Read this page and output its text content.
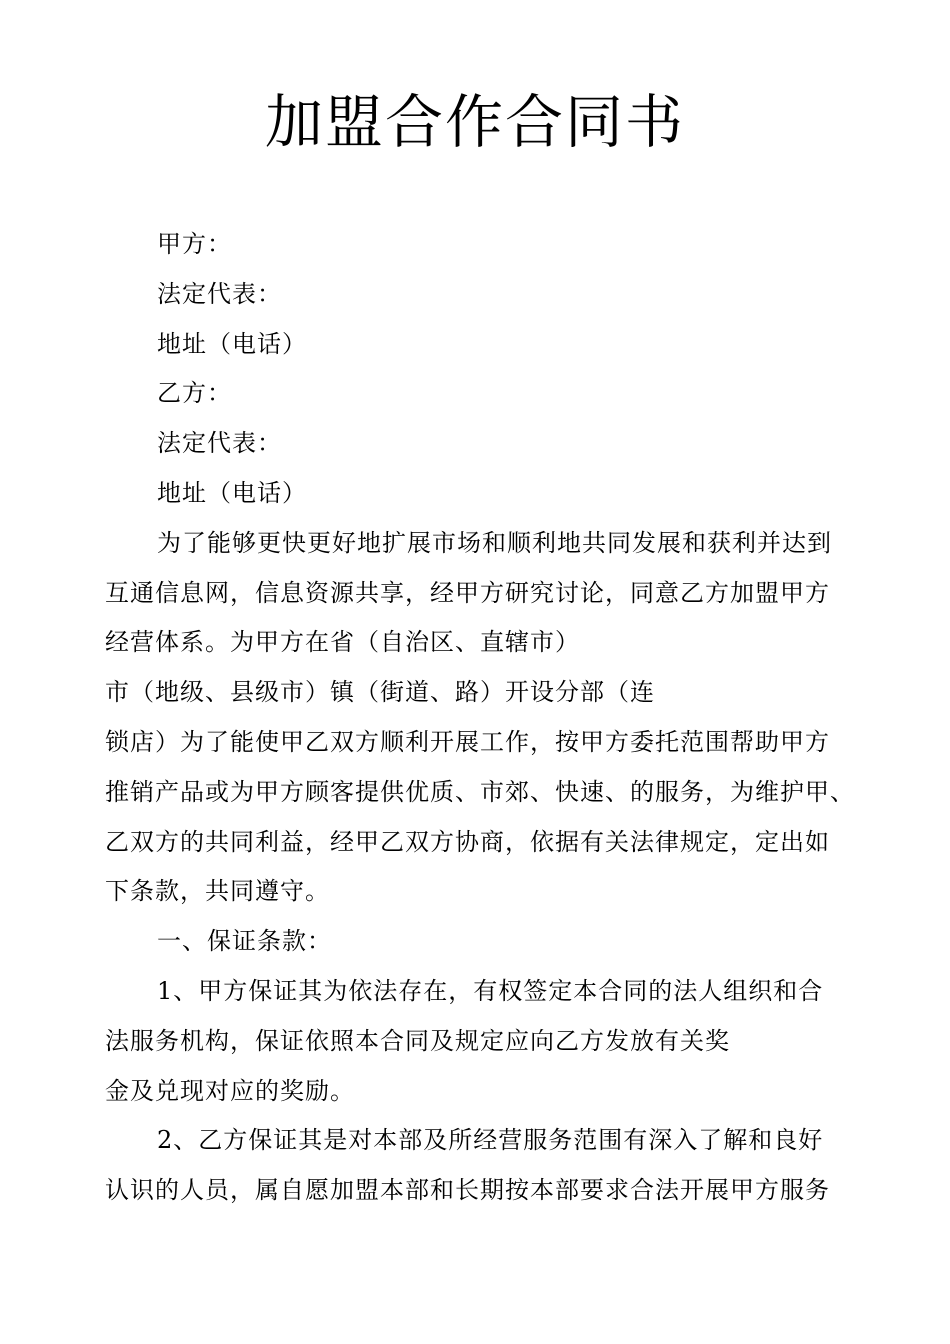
加盟合作合同书
甲方：
法定代表：
地址（电话）
乙方：
法定代表：
地址（电话）
为了能够更快更好地扩展市场和顺利地共同发展和获利并达到
互通信息网，信息资源共享，经甲方研究讨论，同意乙方加盟甲方
经营体系。为甲方在省（自治区、直辖市）
市（地级、县级市）镇（街道、路）开设分部（连
锁店）为了能使甲乙双方顺利开展工作，按甲方委托范围帮助甲方
推销产品或为甲方顾客提供优质、市郊、快速、的服务，为维护甲、
乙双方的共同利益，经甲乙双方协商，依据有关法律规定，定出如
下条款，共同遵守。
一、保证条款：
1、甲方保证其为依法存在，有权签定本合同的法人组织和合
法服务机构，保证依照本合同及规定应向乙方发放有关奖
金及兑现对应的奖励。
2、乙方保证其是对本部及所经营服务范围有深入了解和良好
认识的人员，属自愿加盟本部和长期按本部要求合法开展甲方服务
